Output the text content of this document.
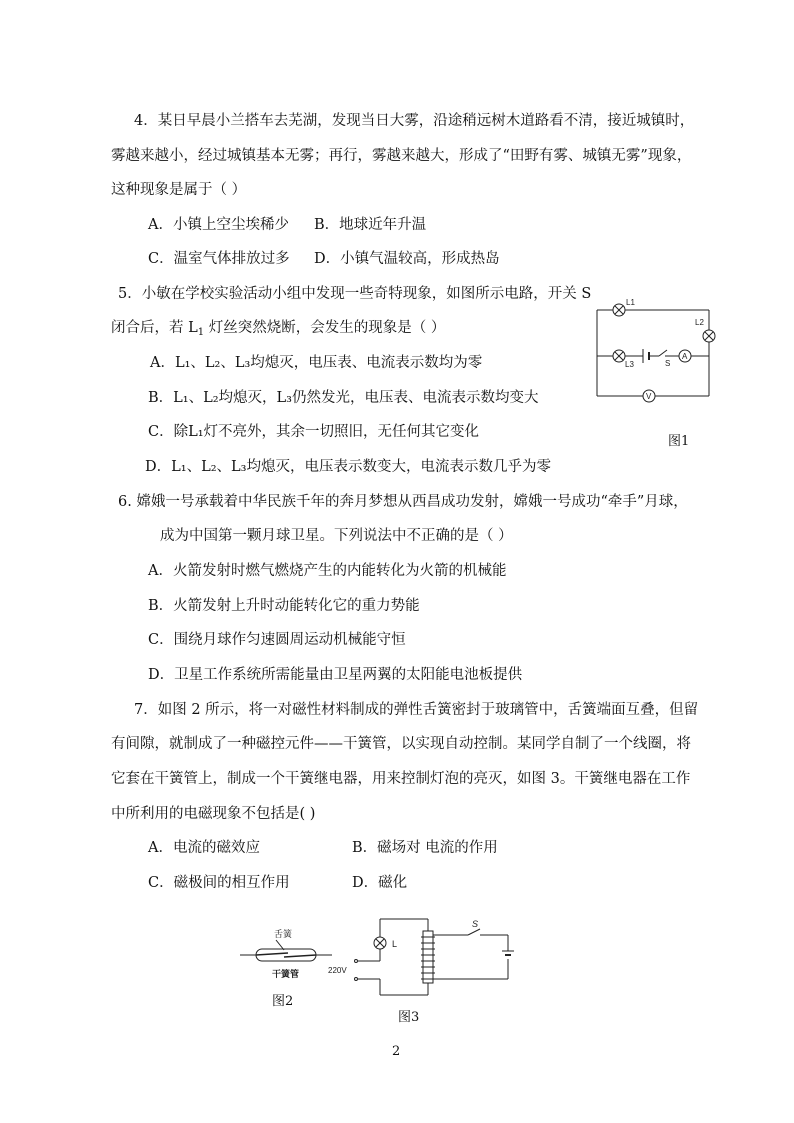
4．某日早晨小兰搭车去芜湖，发现当日大雾，沿途稍远树木道路看不清，接近城镇时，
雾越来越小，经过城镇基本无雾；再行，雾越来越大，形成了“田野有雾、城镇无雾”现象，
这种现象是属于（ ）
A．小镇上空尘埃稀少 B．地球近年升温
C．温室气体排放过多 D．小镇气温较高，形成热岛
5．小敏在学校实验活动小组中发现一些奇特现象，如图所示电路，开关 S
闭合后，若 $L_1$ 灯丝突然烧断，会发生的现象是（ ）
A．L₁、L₂、L₃均熄灭，电压表、电流表示数均为零
B．L₁、L₂均熄灭，L₃仍然发光，电压表、电流表示数均变大
C．除L₁灯不亮外，其余一切照旧，无任何其它变化
D．L₁、L₂、L₃均熄灭，电压表示数变大，电流表示数几乎为零
L1
L2
L3	S
A
V
图1
6. 嫦娥一号承载着中华民族千年的奔月梦想从西昌成功发射，嫦娥一号成功“牵手”月球，
成为中国第一颗月球卫星。下列说法中不正确的是（ ）
A．火箭发射时燃气燃烧产生的内能转化为火箭的机械能
B．火箭发射上升时动能转化它的重力势能
C．围绕月球作匀速圆周运动机械能守恒
D．卫星工作系统所需能量由卫星两翼的太阳能电池板提供
7．如图 2 所示，将一对磁性材料制成的弹性舌簧密封于玻璃管中，舌簧端面互叠，但留
有间隙，就制成了一种磁控元件——干簧管，以实现自动控制。某同学自制了一个线圈，将
它套在干簧管上，制成一个干簧继电器，用来控制灯泡的亮灭，如图 3。干簧继电器在工作
中所利用的电磁现象不包括是( )
A．电流的磁效应	B．磁场对 电流的作用
C．磁极间的相互作用	D．磁化
舌簧
干簧管
图2
L
S
220V
图3
2
